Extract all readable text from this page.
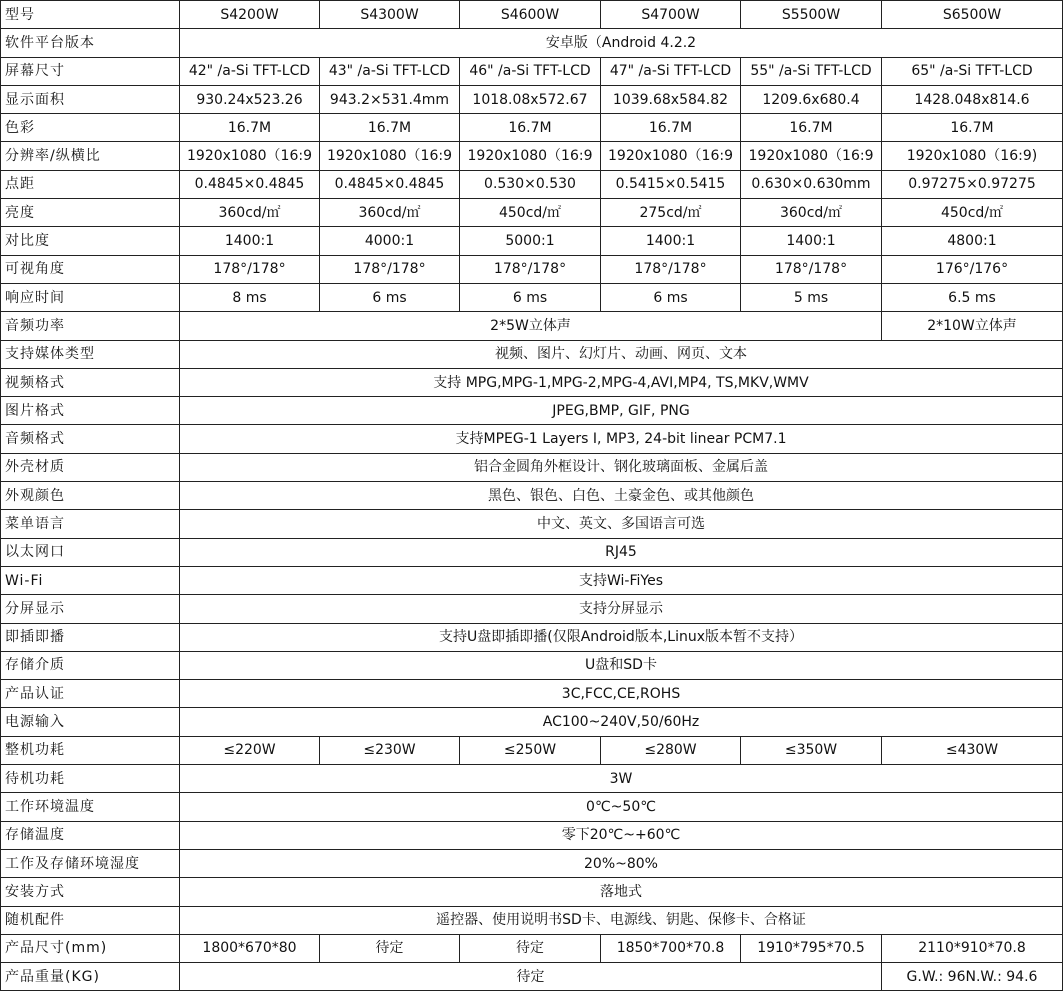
型号	S4200W	S4300W	S4600W	S4700W	S5500W	S6500W
软件平台版本	安卓版（Android 4.2.2					
屏幕尺寸	42" /a-Si TFT-LCD	43" /a-Si TFT-LCD	46" /a-Si TFT-LCD	47" /a-Si TFT-LCD	55" /a-Si TFT-LCD	65" /a-Si TFT-LCD
显示面积	930.24x523.26	943.2×531.4mm	1018.08x572.67	1039.68x584.82	1209.6x680.4	1428.048x814.6
色彩	16.7M	16.7M	16.7M	16.7M	16.7M	16.7M
分辨率/纵横比	1920x1080（16:9	1920x1080（16:9	1920x1080（16:9	1920x1080（16:9	1920x1080（16:9	1920x1080（16:9)
点距	0.4845×0.4845	0.4845×0.4845	0.530×0.530	0.5415×0.5415	0.630×0.630mm	0.97275×0.97275
亮度	360cd/㎡	360cd/㎡	450cd/㎡	275cd/㎡	360cd/㎡	450cd/㎡
对比度	1400:1	4000:1	5000:1	1400:1	1400:1	4800:1
可视角度	178°/178°	178°/178°	178°/178°	178°/178°	178°/178°	176°/176°
响应时间	8 ms	6 ms	6 ms	6 ms	5 ms	6.5 ms
音频功率	2*5W立体声					2*10W立体声
支持媒体类型	视频、图片、幻灯片、动画、网页、文本					
视频格式	支持 MPG,MPG-1,MPG-2,MPG-4,AVI,MP4, TS,MKV,WMV					
图片格式	JPEG,BMP, GIF, PNG					
音频格式	支持MPEG-1 Layers I, MP3, 24-bit linear PCM7.1					
外壳材质	铝合金圆角外框设计、钢化玻璃面板、金属后盖					
外观颜色	黑色、银色、白色、土豪金色、或其他颜色					
菜单语言	中文、英文、多国语言可选					
以太网口	RJ45					
Wi-Fi	支持Wi-FiYes					
分屏显示	支持分屏显示					
即插即播	支持U盘即插即播(仅限Android版本,Linux版本暂不支持）					
存储介质	U盘和SD卡					
产品认证	3C,FCC,CE,ROHS					
电源输入	AC100~240V,50/60Hz					
整机功耗	≤220W	≤230W	≤250W	≤280W	≤350W	≤430W
待机功耗	3W					
工作环境温度	0℃~50℃					
存储温度	零下20℃~+60℃					
工作及存储环境湿度	20%~80%					
安装方式	落地式					
随机配件	遥控器、使用说明书SD卡、电源线、钥匙、保修卡、合格证					
产品尺寸(mm)	1800*670*80	待定	待定	1850*700*70.8	1910*795*70.5	2110*910*70.8
产品重量(KG)	待定					G.W.: 96N.W.: 94.6
